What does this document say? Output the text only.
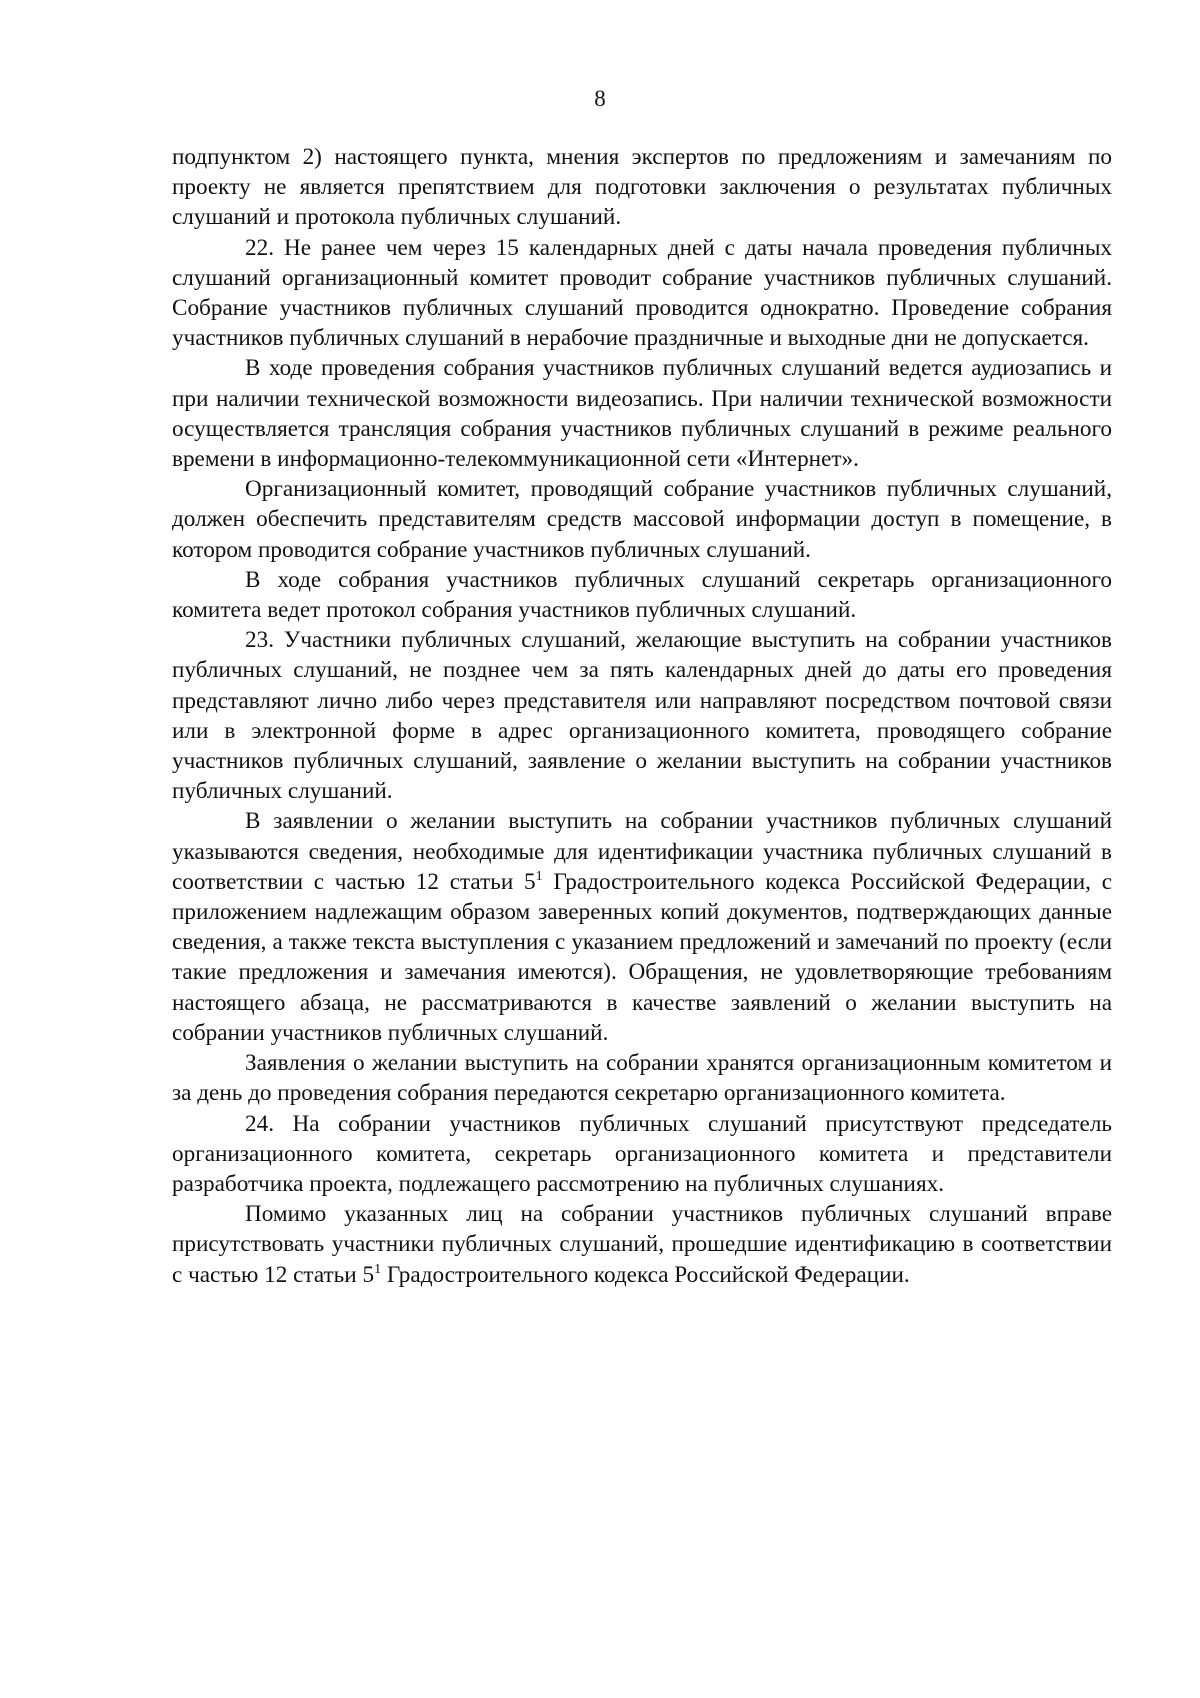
8

подпунктом 2) настоящего пункта, мнения экспертов по предложениям и замечаниям по проекту не является препятствием для подготовки заключения о результатах публичных слушаний и протокола публичных слушаний.

22. Не ранее чем через 15 календарных дней с даты начала проведения публичных слушаний организационный комитет проводит собрание участников публичных слушаний. Собрание участников публичных слушаний проводится однократно. Проведение собрания участников публичных слушаний в нерабочие праздничные и выходные дни не допускается.

В ходе проведения собрания участников публичных слушаний ведется аудиозапись и при наличии технической возможности видеозапись. При наличии технической возможности осуществляется трансляция собрания участников публичных слушаний в режиме реального времени в информационно-телекоммуникационной сети «Интернет».

Организационный комитет, проводящий собрание участников публичных слушаний, должен обеспечить представителям средств массовой информации доступ в помещение, в котором проводится собрание участников публичных слушаний.

В ходе собрания участников публичных слушаний секретарь организационного комитета ведет протокол собрания участников публичных слушаний.

23. Участники публичных слушаний, желающие выступить на собрании участников публичных слушаний, не позднее чем за пять календарных дней до даты его проведения представляют лично либо через представителя или направляют посредством почтовой связи или в электронной форме в адрес организационного комитета, проводящего собрание участников публичных слушаний, заявление о желании выступить на собрании участников публичных слушаний.

В заявлении о желании выступить на собрании участников публичных слушаний указываются сведения, необходимые для идентификации участника публичных слушаний в соответствии с частью 12 статьи $5^1$ Градостроительного кодекса Российской Федерации, с приложением надлежащим образом заверенных копий документов, подтверждающих данные сведения, а также текста выступления с указанием предложений и замечаний по проекту (если такие предложения и замечания имеются). Обращения, не удовлетворяющие требованиям настоящего абзаца, не рассматриваются в качестве заявлений о желании выступить на собрании участников публичных слушаний.

Заявления о желании выступить на собрании хранятся организационным комитетом и за день до проведения собрания передаются секретарю организационного комитета.

24. На собрании участников публичных слушаний присутствуют председатель организационного комитета, секретарь организационного комитета и представители разработчика проекта, подлежащего рассмотрению на публичных слушаниях.

Помимо указанных лиц на собрании участников публичных слушаний вправе присутствовать участники публичных слушаний, прошедшие идентификацию в соответствии с частью 12 статьи $5^1$ Градостроительного кодекса Российской Федерации.
